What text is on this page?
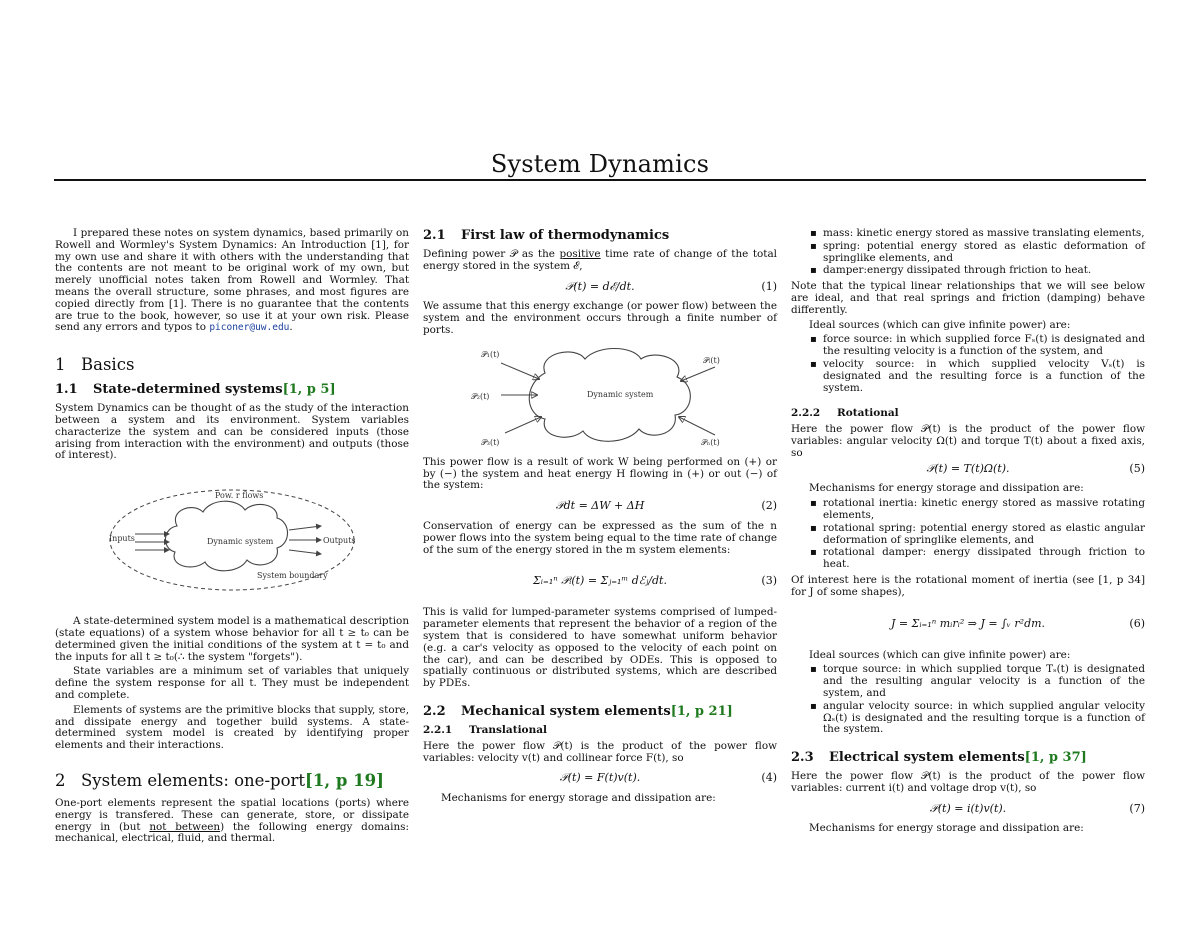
System Dynamics

I prepared these notes on system dynamics, based primarily on Rowell and Wormley's System Dynamics: An Introduction [1], for my own use and share it with others with the understanding that the contents are not meant to be original work of my own, but merely unofficial notes taken from Rowell and Wormley. That means the overall structure, some phrases, and most figures are copied directly from [1]. There is no guarantee that the contents are true to the book, however, so use it at your own risk. Please send any errors and typos to piconer@uw.edu.

1 Basics
1.1 State-determined systems[1, p 5]

System Dynamics can be thought of as the study of the interaction between a system and its environment. System variables characterize the system and can be considered inputs (those arising from interaction with the environment) and outputs (those of interest).

Inputs	Outputs
Dynamic system
Pow. r flows
System boundary

A state-determined system model is a mathematical description (state equations) of a system whose behavior for all t ≥ t₀ can be determined given the initial conditions of the system at t = t₀ and the inputs for all t ≥ t₀(∴ the system "forgets").

State variables are a minimum set of variables that uniquely define the system response for all t. They must be independent and complete.

Elements of systems are the primitive blocks that supply, store, and dissipate energy and together build systems. A state-determined system model is created by identifying proper elements and their interactions.

2 System elements: one-port[1, p 19]

One-port elements represent the spatial locations (ports) where energy is transfered. These can generate, store, or dissipate energy in (but not between) the following energy domains: mechanical, electrical, fluid, and thermal.

2.1 First law of thermodynamics

Defining power 𝒫 as the positive time rate of change of the total energy stored in the system ℰ,

𝒫(t) = dℰ/dt.	(1)

We assume that this energy exchange (or power flow) between the system and the environment occurs through a finite number of ports.

Dynamic system
𝒫₁(t)
𝒫₂(t)
𝒫₃(t)
𝒫ᵢ(t)
𝒫ₙ(t)

This power flow is a result of work W being performed on (+) or by (−) the system and heat energy H flowing in (+) or out (−) of the system:

𝒫dt = ΔW + ΔH	(2)

Conservation of energy can be expressed as the sum of the n power flows into the system being equal to the time rate of change of the sum of the energy stored in the m system elements:

Σᵢ₌₁ⁿ 𝒫ᵢ(t) = Σⱼ₌₁ᵐ dℰⱼ/dt.	(3)

This is valid for lumped-parameter systems comprised of lumped-parameter elements that represent the behavior of a region of the system that is considered to have somewhat uniform behavior (e.g. a car's velocity as opposed to the velocity of each point on the car), and can be described by ODEs. This is opposed to spatially continuous or distributed systems, which are described by PDEs.

2.2 Mechanical system elements[1, p 21]
2.2.1 Translational

Here the power flow 𝒫(t) is the product of the power flow variables: velocity v(t) and collinear force F(t), so

𝒫(t) = F(t)v(t).	(4)

Mechanisms for energy storage and dissipation are:

▪ mass: kinetic energy stored as massive translating elements,
▪ spring: potential energy stored as elastic deformation of springlike elements, and
▪ damper:energy dissipated through friction to heat.

Note that the typical linear relationships that we will see below are ideal, and that real springs and friction (damping) behave differently.

Ideal sources (which can give infinite power) are:

▪ force source: in which supplied force Fₛ(t) is designated and the resulting velocity is a function of the system, and
▪ velocity source: in which supplied velocity Vₛ(t) is designated and the resulting force is a function of the system.
2.2.2 Rotational

Here the power flow 𝒫(t) is the product of the power flow variables: angular velocity Ω(t) and torque T(t) about a fixed axis, so

𝒫(t) = T(t)Ω(t).	(5)

Mechanisms for energy storage and dissipation are:

▪ rotational inertia: kinetic energy stored as massive rotating elements,
▪ rotational spring: potential energy stored as elastic angular deformation of springlike elements, and
▪ rotational damper: energy dissipated through friction to heat.

Of interest here is the rotational moment of inertia (see [1, p 34] for J of some shapes),

J = Σᵢ₌₁ⁿ mᵢrᵢ² ⇒ J = ∫ᵥ r²dm.	(6)

Ideal sources (which can give infinite power) are:

▪ torque source: in which supplied torque Tₛ(t) is designated and the resulting angular velocity is a function of the system, and
▪ angular velocity source: in which supplied angular velocity Ωₛ(t) is designated and the resulting torque is a function of the system.
2.3 Electrical system elements[1, p 37]

Here the power flow 𝒫(t) is the product of the power flow variables: current i(t) and voltage drop v(t), so

𝒫(t) = i(t)v(t).	(7)

Mechanisms for energy storage and dissipation are:
